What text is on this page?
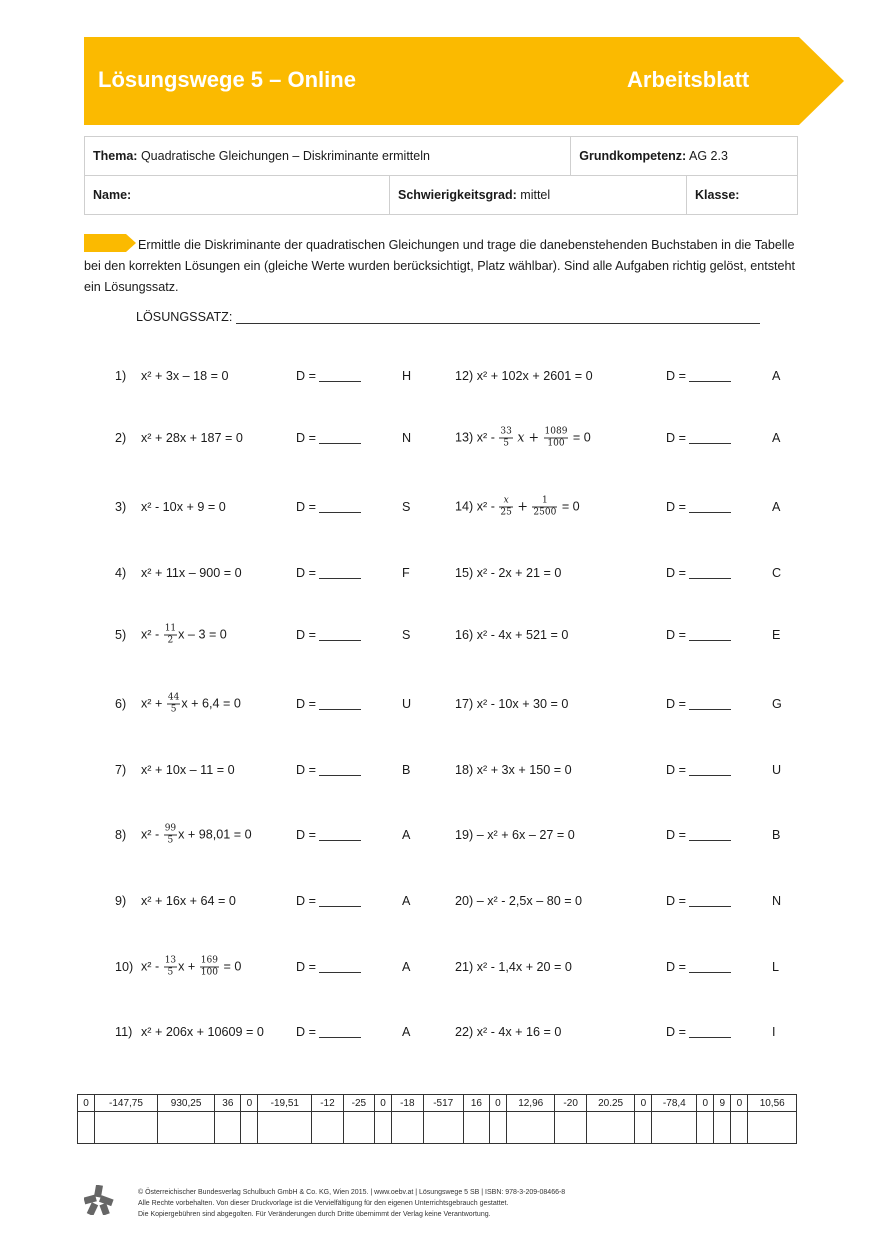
Lösungswege 5 – Online	Arbeitsblatt
Thema: Quadratische Gleichungen – Diskriminante ermitteln		Grundkompetenz: AG 2.3	
Name:	Schwierigkeitsgrad: mittel		Klasse:
Ermittle die Diskriminante der quadratischen Gleichungen und trage die danebenstehenden Buchstaben in die Tabelle bei den korrekten Lösungen ein (gleiche Werte wurden berücksichtigt, Platz wählbar). Sind alle Aufgaben richtig gelöst, entsteht ein Lösungssatz.
LÖSUNGSSATZ:
1) x² + 3x – 18 = 0	D =	H	12) x² + 102x + 2601 = 0	D =	A
2) x² + 28x + 187 = 0	D =	N	13) $x^2 - \frac{33}{5}$ $x + \frac{1089}{100} = 0$	D =	A
3) x² - 10x + 9 = 0	D =	S	14) $x^2 - \frac{x}{25} + \frac{1}{2500} = 0$	D =	A
4) x² + 11x – 900 = 0	D =	F	15) x² - 2x + 21 = 0	D =	C
5) $x^2 - \frac{11}{2}$ x – 3 = 0	D =	S	16) x² - 4x + 521 = 0	D =	E
6) $x^2 + \frac{44}{5}$ x + 6,4 = 0	D =	U	17) x² - 10x + 30 = 0	D =	G
7) x² + 10x – 11 = 0	D =	B	18) x² + 3x + 150 = 0	D =	U
8) $x^2 - \frac{99}{5}$ x + 98,01 = 0	D =	A	19) – x² + 6x – 27 = 0	D =	B
9) x² + 16x + 64 = 0	D =	A	20) – x² - 2,5x – 80 = 0	D =	N
10) $x^2 - \frac{13}{5}$ $x + \frac{169}{100} = 0$	D =	A	21) x² - 1,4x + 20 = 0	D =	L
11) x² + 206x + 10609 = 0	D =	A	22) x² - 4x + 16 = 0	D =	I
0	-147,75	930,25	36	0	-19,51	-12	-25	0	-18	-517	16	0	12,96	-20	20.25	0	-78,4	0	9	0	10,56

© Österreichischer Bundesverlag Schulbuch GmbH & Co. KG, Wien 2015. | www.oebv.at | Lösungswege 5 SB | ISBN: 978-3-209-08466-8
Alle Rechte vorbehalten. Von dieser Druckvorlage ist die Vervielfältigung für den eigenen Unterrichtsgebrauch gestattet.
Die Kopiergebühren sind abgegolten. Für Veränderungen durch Dritte übernimmt der Verlag keine Verantwortung.
